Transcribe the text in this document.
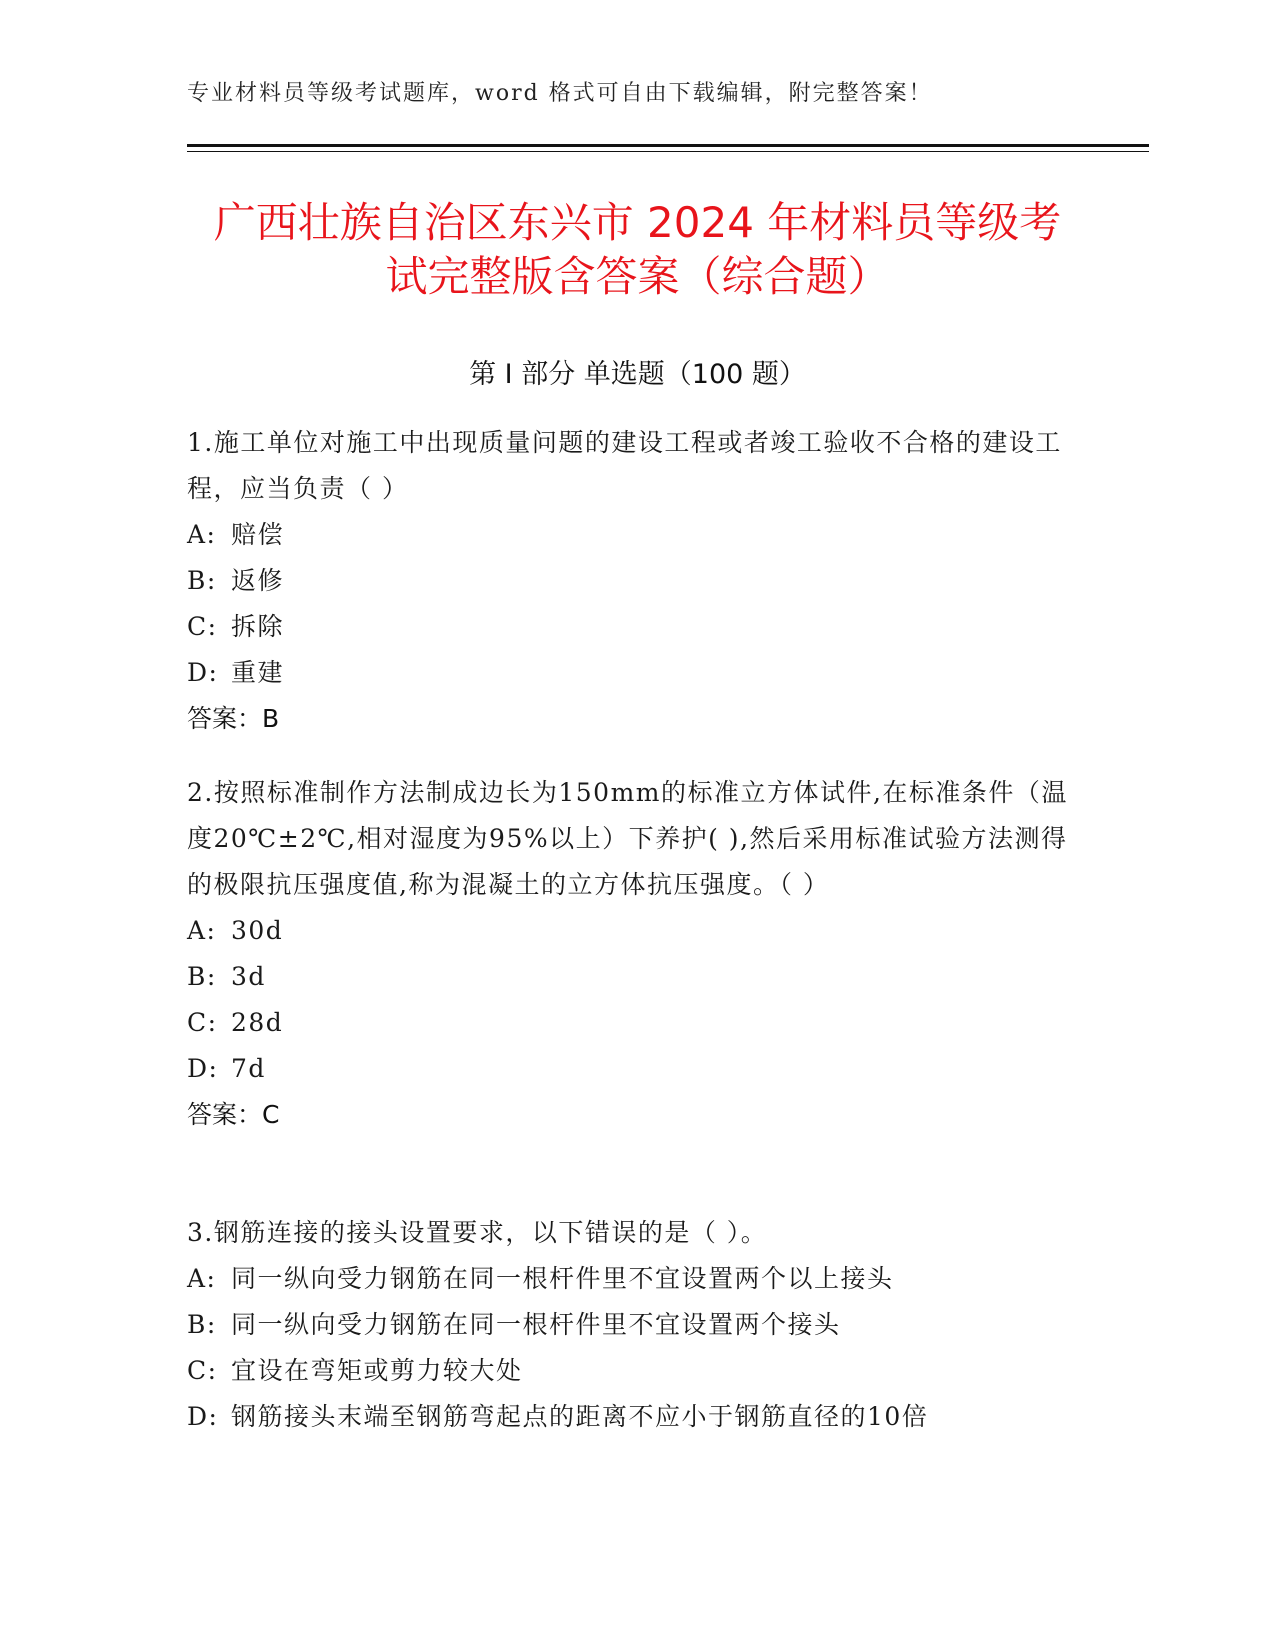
专业材料员等级考试题库，word 格式可自由下载编辑，附完整答案！
广西壮族自治区东兴市 2024 年材料员等级考
试完整版含答案（综合题）
第 I 部分 单选题（100 题）

1.施工单位对施工中出现质量问题的建设工程或者竣工验收不合格的建设工程，应当负责（ ）

A: 赔偿

B: 返修

C: 拆除

D: 重建

答案：B

2.按照标准制作方法制成边长为150mm的标准立方体试件,在标准条件（温度20℃±2℃,相对湿度为95%以上）下养护( ),然后采用标准试验方法测得的极限抗压强度值,称为混凝土的立方体抗压强度。（ ）

A: 30d

B: 3d

C: 28d

D: 7d

答案：C

3.钢筋连接的接头设置要求，以下错误的是（ ）。

A: 同一纵向受力钢筋在同一根杆件里不宜设置两个以上接头

B: 同一纵向受力钢筋在同一根杆件里不宜设置两个接头

C: 宜设在弯矩或剪力较大处

D: 钢筋接头末端至钢筋弯起点的距离不应小于钢筋直径的10倍
